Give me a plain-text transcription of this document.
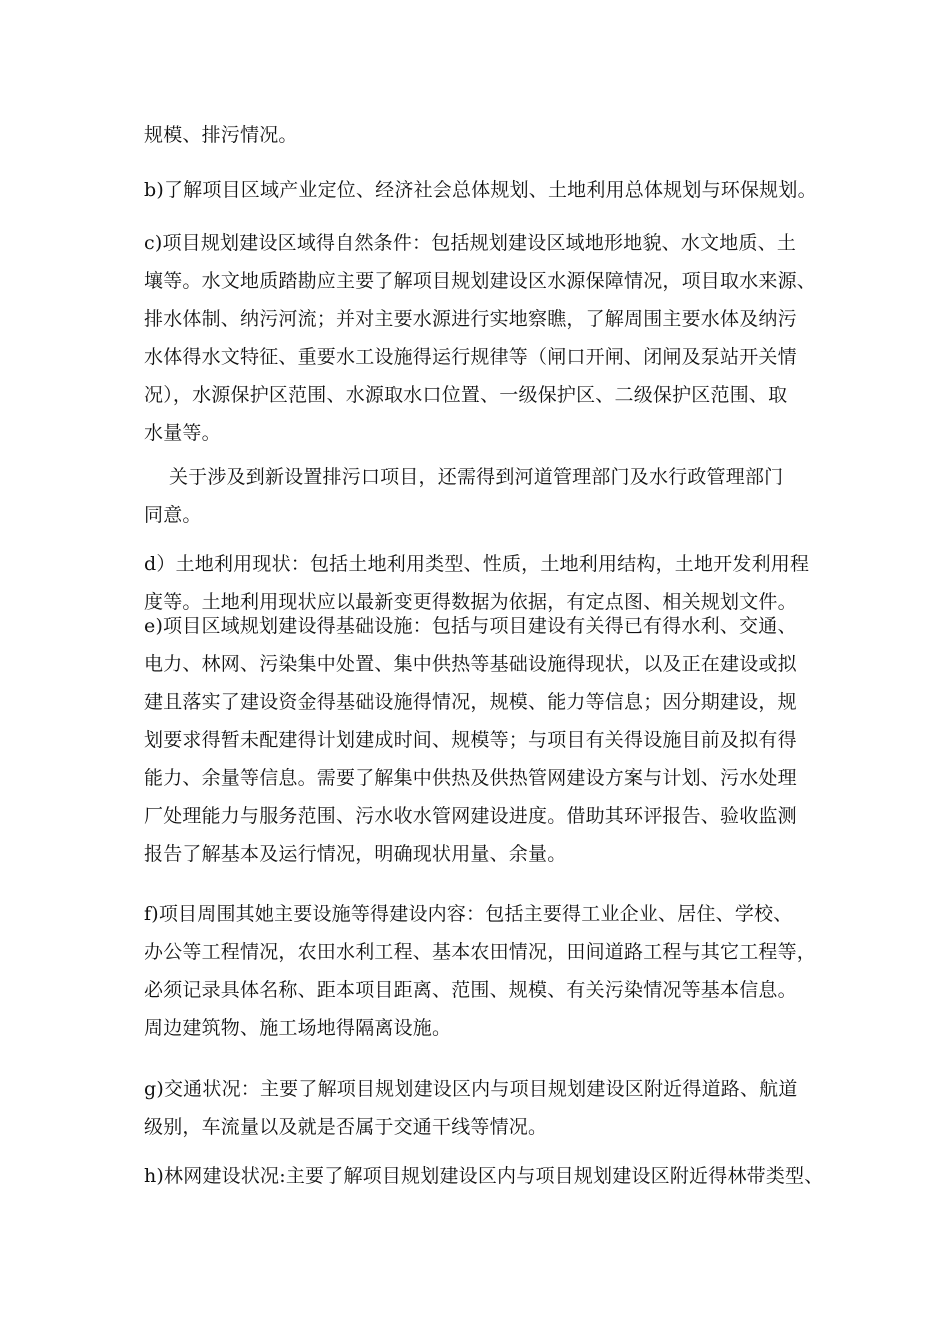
规模、排污情况。
b)了解项目区域产业定位、经济社会总体规划、土地利用总体规划与环保规划。
c)项目规划建设区域得自然条件：包括规划建设区域地形地貌、水文地质、土
壤等。水文地质踏勘应主要了解项目规划建设区水源保障情况，项目取水来源、
排水体制、纳污河流；并对主要水源进行实地察瞧，了解周围主要水体及纳污
水体得水文特征、重要水工设施得运行规律等（闸口开闸、闭闸及泵站开关情
况），水源保护区范围、水源取水口位置、一级保护区、二级保护区范围、取
水量等。
关于涉及到新设置排污口项目，还需得到河道管理部门及水行政管理部门
同意。
d）土地利用现状：包括土地利用类型、性质，土地利用结构，土地开发利用程
度等。土地利用现状应以最新变更得数据为依据，有定点图、相关规划文件。
e)项目区域规划建设得基础设施：包括与项目建设有关得已有得水利、交通、
电力、林网、污染集中处置、集中供热等基础设施得现状，以及正在建设或拟
建且落实了建设资金得基础设施得情况，规模、能力等信息；因分期建设，规
划要求得暂未配建得计划建成时间、规模等；与项目有关得设施目前及拟有得
能力、余量等信息。需要了解集中供热及供热管网建设方案与计划、污水处理
厂处理能力与服务范围、污水收水管网建设进度。借助其环评报告、验收监测
报告了解基本及运行情况，明确现状用量、余量。
f)项目周围其她主要设施等得建设内容：包括主要得工业企业、居住、学校、
办公等工程情况，农田水利工程、基本农田情况，田间道路工程与其它工程等，
必须记录具体名称、距本项目距离、范围、规模、有关污染情况等基本信息。
周边建筑物、施工场地得隔离设施。
g)交通状况：主要了解项目规划建设区内与项目规划建设区附近得道路、航道
级别，车流量以及就是否属于交通干线等情况。
h)林网建设状况:主要了解项目规划建设区内与项目规划建设区附近得林带类型、
